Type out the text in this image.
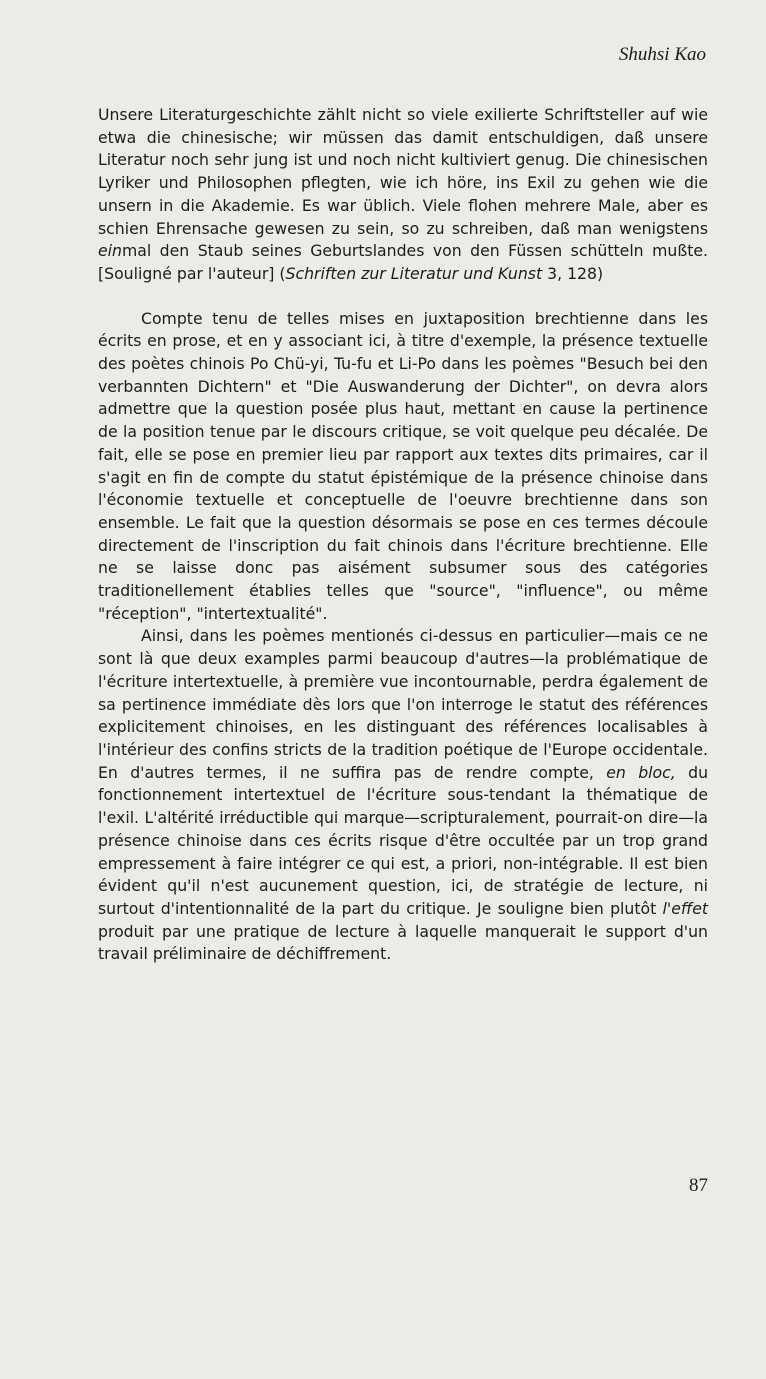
Shuhsi Kao

Unsere Literaturgeschichte zählt nicht so viele exilierte Schriftsteller auf wie etwa die chinesische; wir müssen das damit entschuldigen, daß unsere Literatur noch sehr jung ist und noch nicht kultiviert genug. Die chinesischen Lyriker und Philosophen pflegten, wie ich höre, ins Exil zu gehen wie die unsern in die Akademie. Es war üblich. Viele flohen mehrere Male, aber es schien Ehrensache gewesen zu sein, so zu schreiben, daß man wenigstens einmal den Staub seines Geburtslandes von den Füssen schütteln mußte. [Souligné par l'auteur] (Schriften zur Literatur und Kunst 3, 128)

Compte tenu de telles mises en juxtaposition brechtienne dans les écrits en prose, et en y associant ici, à titre d'exemple, la présence textuelle des poètes chinois Po Chü-yi, Tu-fu et Li-Po dans les poèmes "Besuch bei den verbannten Dichtern" et "Die Auswanderung der Dichter", on devra alors admettre que la question posée plus haut, mettant en cause la pertinence de la position tenue par le discours critique, se voit quelque peu décalée. De fait, elle se pose en premier lieu par rapport aux textes dits primaires, car il s'agit en fin de compte du statut épistémique de la présence chinoise dans l'économie textuelle et conceptuelle de l'oeuvre brechtienne dans son ensemble. Le fait que la question désormais se pose en ces termes découle directement de l'inscription du fait chinois dans l'écriture brechtienne. Elle ne se laisse donc pas aisément subsumer sous des catégories traditionellement établies telles que "source", "influence", ou même "réception", "intertextualité".

Ainsi, dans les poèmes mentionés ci-dessus en particulier—mais ce ne sont là que deux examples parmi beaucoup d'autres—la problématique de l'écriture intertextuelle, à première vue incontournable, perdra également de sa pertinence immédiate dès lors que l'on interroge le statut des références explicitement chinoises, en les distinguant des références localisables à l'intérieur des confins stricts de la tradition poétique de l'Europe occidentale. En d'autres termes, il ne suffira pas de rendre compte, en bloc, du fonctionnement intertextuel de l'écriture sous-tendant la thématique de l'exil. L'altérité irréductible qui marque—scripturalement, pourrait-on dire—la présence chinoise dans ces écrits risque d'être occultée par un trop grand empressement à faire intégrer ce qui est, a priori, non-intégrable. Il est bien évident qu'il n'est aucunement question, ici, de stratégie de lecture, ni surtout d'intentionnalité de la part du critique. Je souligne bien plutôt l'effet produit par une pratique de lecture à laquelle manquerait le support d'un travail préliminaire de déchiffrement.

87
